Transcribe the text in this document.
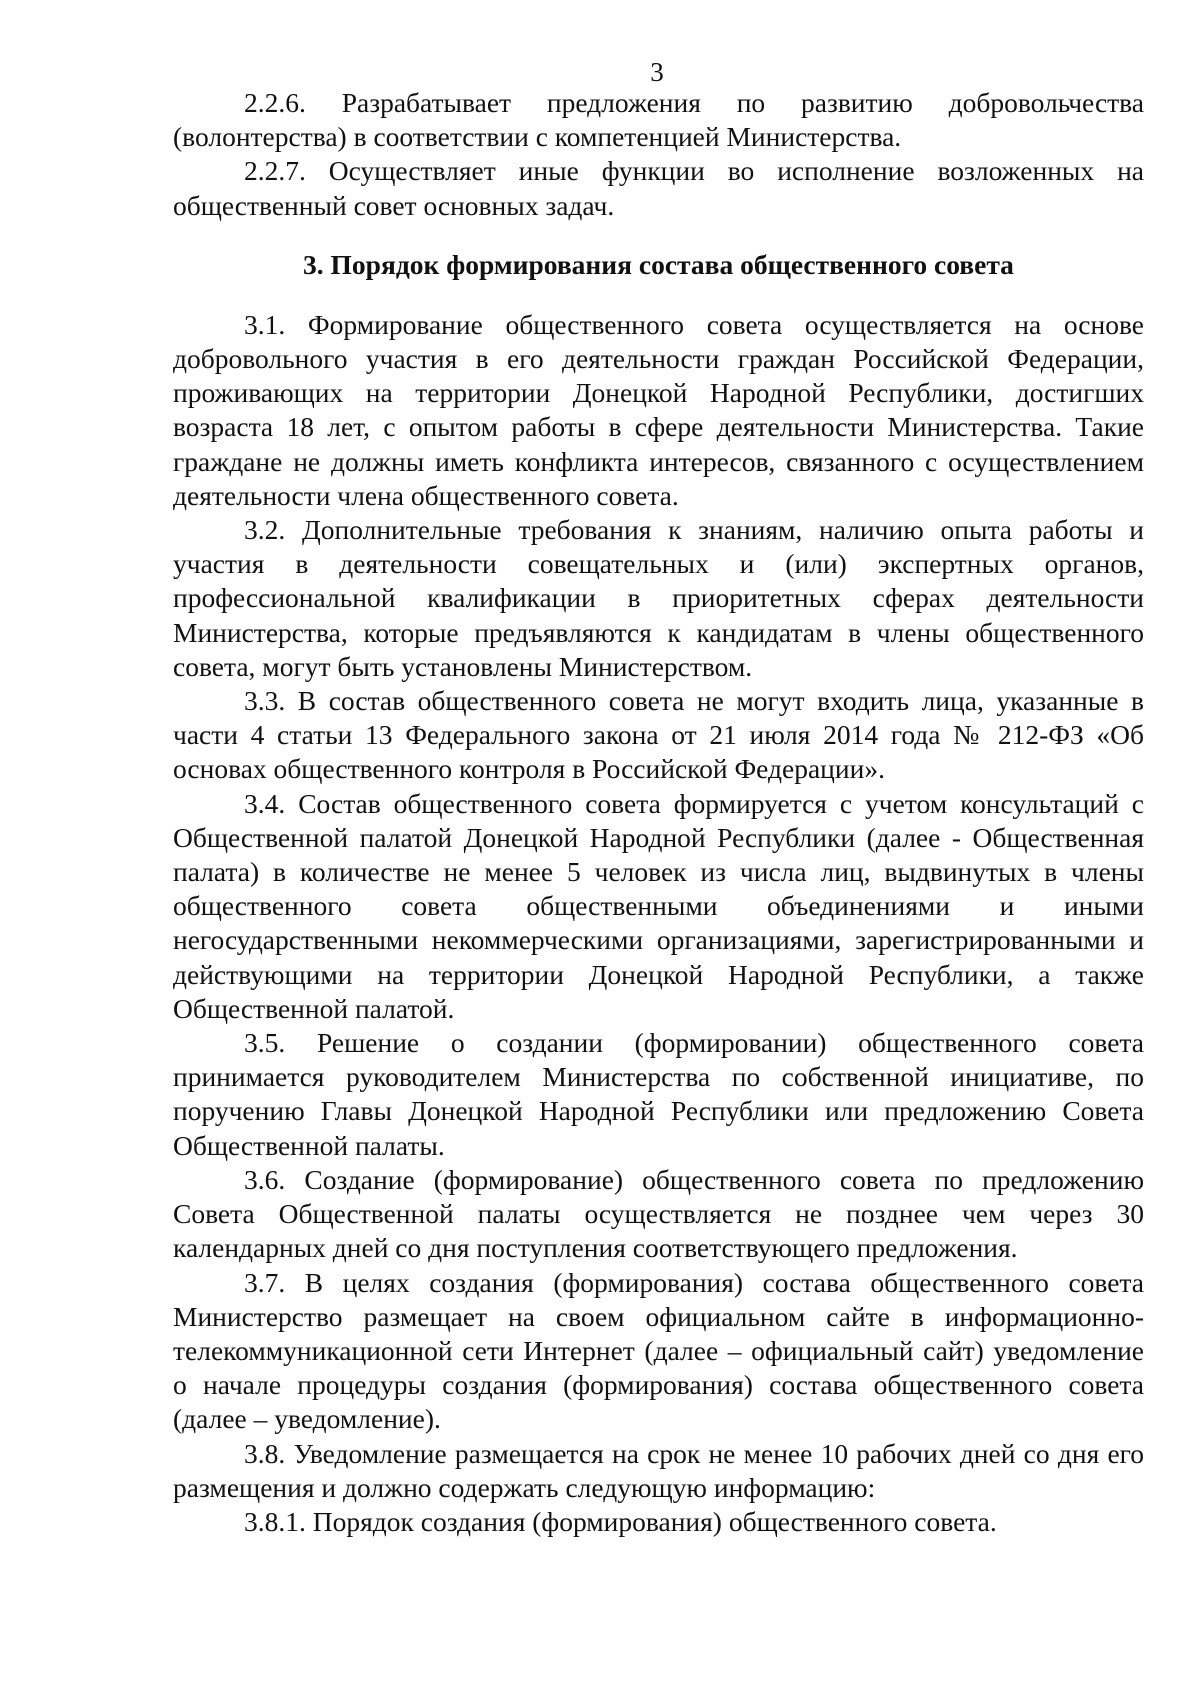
3

2.2.6. Разрабатывает предложения по развитию добровольчества (волонтерства) в соответствии с компетенцией Министерства.

2.2.7. Осуществляет иные функции во исполнение возложенных на общественный совет основных задач.

3. Порядок формирования состава общественного совета

3.1. Формирование общественного совета осуществляется на основе добровольного участия в его деятельности граждан Российской Федерации, проживающих на территории Донецкой Народной Республики, достигших возраста 18 лет, с опытом работы в сфере деятельности Министерства. Такие граждане не должны иметь конфликта интересов, связанного с осуществлением деятельности члена общественного совета.

3.2. Дополнительные требования к знаниям, наличию опыта работы и участия в деятельности совещательных и (или) экспертных органов, профессиональной квалификации в приоритетных сферах деятельности Министерства, которые предъявляются к кандидатам в члены общественного совета, могут быть установлены Министерством.

3.3. В состав общественного совета не могут входить лица, указанные в части 4 статьи 13 Федерального закона от 21 июля 2014 года № 212-ФЗ «Об основах общественного контроля в Российской Федерации».

3.4. Состав общественного совета формируется с учетом консультаций с Общественной палатой Донецкой Народной Республики (далее - Общественная палата) в количестве не менее 5 человек из числа лиц, выдвинутых в члены общественного совета общественными объединениями и иными негосударственными некоммерческими организациями, зарегистрированными и действующими на территории Донецкой Народной Республики, а также Общественной палатой.

3.5. Решение о создании (формировании) общественного совета принимается руководителем Министерства по собственной инициативе, по поручению Главы Донецкой Народной Республики или предложению Совета Общественной палаты.

3.6. Создание (формирование) общественного совета по предложению Совета Общественной палаты осуществляется не позднее чем через 30 календарных дней со дня поступления соответствующего предложения.

3.7. В целях создания (формирования) состава общественного совета Министерство размещает на своем официальном сайте в информационно-телекоммуникационной сети Интернет (далее – официальный сайт) уведомление о начале процедуры создания (формирования) состава общественного совета (далее – уведомление).

3.8. Уведомление размещается на срок не менее 10 рабочих дней со дня его размещения и должно содержать следующую информацию:

3.8.1. Порядок создания (формирования) общественного совета.
